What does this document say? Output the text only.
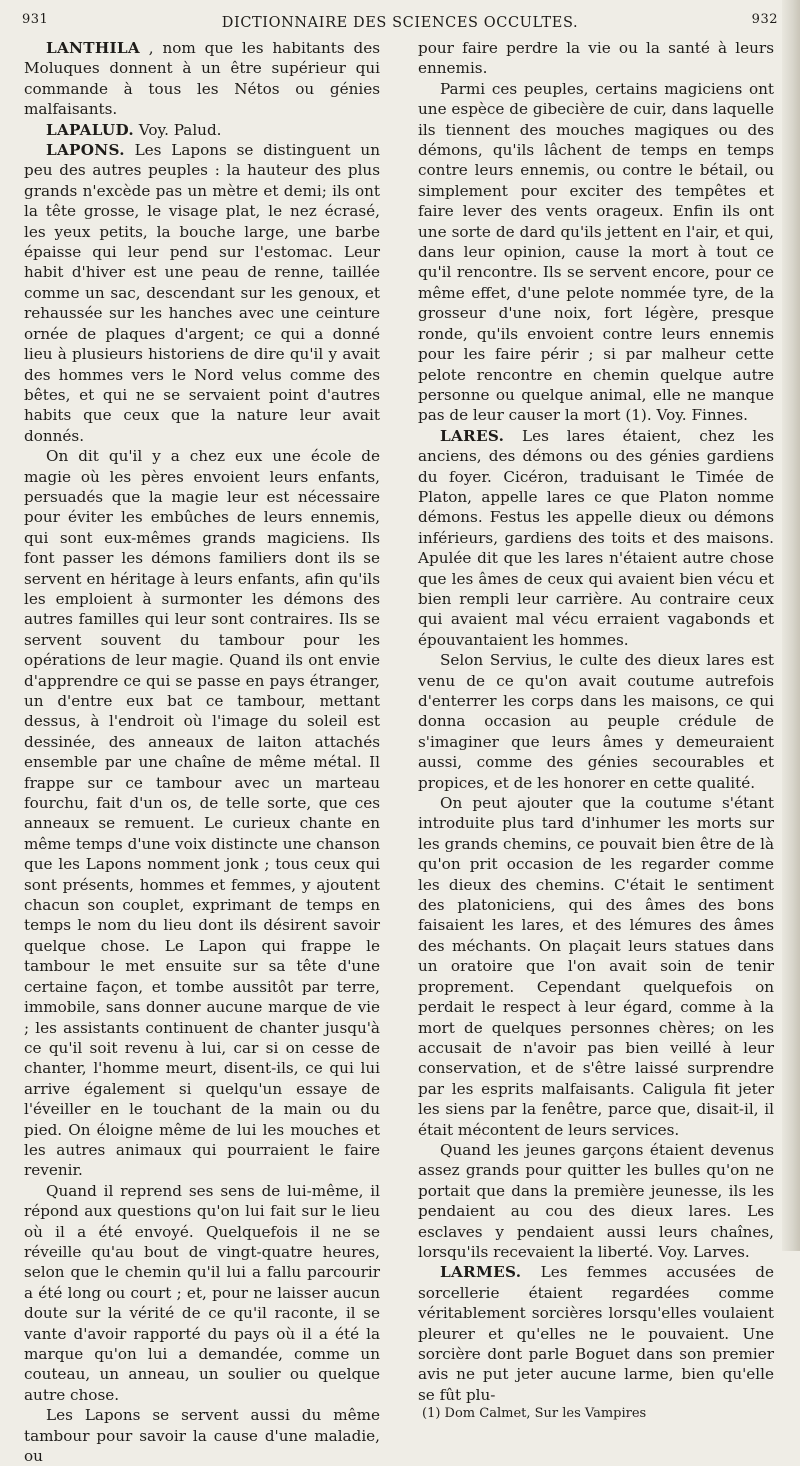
931	DICTIONNAIRE DES SCIENCES OCCULTES.	932

LANTHILA , nom que les habitants des Moluques donnent à un être supérieur qui commande à tous les Nétos ou génies malfaisants.

LAPALUD. Voy. Palud.

LAPONS. Les Lapons se distinguent un peu des autres peuples : la hauteur des plus grands n'excède pas un mètre et demi; ils ont la tête grosse, le visage plat, le nez écrasé, les yeux petits, la bouche large, une barbe épaisse qui leur pend sur l'estomac. Leur habit d'hiver est une peau de renne, taillée comme un sac, descendant sur les genoux, et rehaussée sur les hanches avec une ceinture ornée de plaques d'argent; ce qui a donné lieu à plusieurs historiens de dire qu'il y avait des hommes vers le Nord velus comme des bêtes, et qui ne se servaient point d'autres habits que ceux que la nature leur avait donnés.

On dit qu'il y a chez eux une école de magie où les pères envoient leurs enfants, persuadés que la magie leur est nécessaire pour éviter les embûches de leurs ennemis, qui sont eux-mêmes grands magiciens. Ils font passer les démons familiers dont ils se servent en héritage à leurs enfants, afin qu'ils les emploient à surmonter les démons des autres familles qui leur sont contraires. Ils se servent souvent du tambour pour les opérations de leur magie. Quand ils ont envie d'apprendre ce qui se passe en pays étranger, un d'entre eux bat ce tambour, mettant dessus, à l'endroit où l'image du soleil est dessinée, des anneaux de laiton attachés ensemble par une chaîne de même métal. Il frappe sur ce tambour avec un marteau fourchu, fait d'un os, de telle sorte, que ces anneaux se remuent. Le curieux chante en même temps d'une voix distincte une chanson que les Lapons nomment jonk ; tous ceux qui sont présents, hommes et femmes, y ajoutent chacun son couplet, exprimant de temps en temps le nom du lieu dont ils désirent savoir quelque chose. Le Lapon qui frappe le tambour le met ensuite sur sa tête d'une certaine façon, et tombe aussitôt par terre, immobile, sans donner aucune marque de vie ; les assistants continuent de chanter jusqu'à ce qu'il soit revenu à lui, car si on cesse de chanter, l'homme meurt, disent-ils, ce qui lui arrive également si quelqu'un essaye de l'éveiller en le touchant de la main ou du pied. On éloigne même de lui les mouches et les autres animaux qui pourraient le faire revenir.

Quand il reprend ses sens de lui-même, il répond aux questions qu'on lui fait sur le lieu où il a été envoyé. Quelquefois il ne se réveille qu'au bout de vingt-quatre heures, selon que le chemin qu'il lui a fallu parcourir a été long ou court ; et, pour ne laisser aucun doute sur la vérité de ce qu'il raconte, il se vante d'avoir rapporté du pays où il a été la marque qu'on lui a demandée, comme un couteau, un anneau, un soulier ou quelque autre chose.

Les Lapons se servent aussi du même tambour pour savoir la cause d'une maladie, ou

pour faire perdre la vie ou la santé à leurs ennemis.

Parmi ces peuples, certains magiciens ont une espèce de gibecière de cuir, dans laquelle ils tiennent des mouches magiques ou des démons, qu'ils lâchent de temps en temps contre leurs ennemis, ou contre le bétail, ou simplement pour exciter des tempêtes et faire lever des vents orageux. Enfin ils ont une sorte de dard qu'ils jettent en l'air, et qui, dans leur opinion, cause la mort à tout ce qu'il rencontre. Ils se servent encore, pour ce même effet, d'une pelote nommée tyre, de la grosseur d'une noix, fort légère, presque ronde, qu'ils envoient contre leurs ennemis pour les faire périr ; si par malheur cette pelote rencontre en chemin quelque autre personne ou quelque animal, elle ne manque pas de leur causer la mort (1). Voy. Finnes.

LARES. Les lares étaient, chez les anciens, des démons ou des génies gardiens du foyer. Cicéron, traduisant le Timée de Platon, appelle lares ce que Platon nomme démons. Festus les appelle dieux ou démons inférieurs, gardiens des toits et des maisons. Apulée dit que les lares n'étaient autre chose que les âmes de ceux qui avaient bien vécu et bien rempli leur carrière. Au contraire ceux qui avaient mal vécu erraient vagabonds et épouvantaient les hommes.

Selon Servius, le culte des dieux lares est venu de ce qu'on avait coutume autrefois d'enterrer les corps dans les maisons, ce qui donna occasion au peuple crédule de s'imaginer que leurs âmes y demeuraient aussi, comme des génies secourables et propices, et de les honorer en cette qualité.

On peut ajouter que la coutume s'étant introduite plus tard d'inhumer les morts sur les grands chemins, ce pouvait bien être de là qu'on prit occasion de les regarder comme les dieux des chemins. C'était le sentiment des platoniciens, qui des âmes des bons faisaient les lares, et des lémures des âmes des méchants. On plaçait leurs statues dans un oratoire que l'on avait soin de tenir proprement. Cependant quelquefois on perdait le respect à leur égard, comme à la mort de quelques personnes chères; on les accusait de n'avoir pas bien veillé à leur conservation, et de s'être laissé surprendre par les esprits malfaisants. Caligula fit jeter les siens par la fenêtre, parce que, disait-il, il était mécontent de leurs services.

Quand les jeunes garçons étaient devenus assez grands pour quitter les bulles qu'on ne portait que dans la première jeunesse, ils les pendaient au cou des dieux lares. Les esclaves y pendaient aussi leurs chaînes, lorsqu'ils recevaient la liberté. Voy. Larves.

LARMES. Les femmes accusées de sorcellerie étaient regardées comme véritablement sorcières lorsqu'elles voulaient pleurer et qu'elles ne le pouvaient. Une sorcière dont parle Boguet dans son premier avis ne put jeter aucune larme, bien qu'elle se fût plu-

(1) Dom Calmet, Sur les Vampires
